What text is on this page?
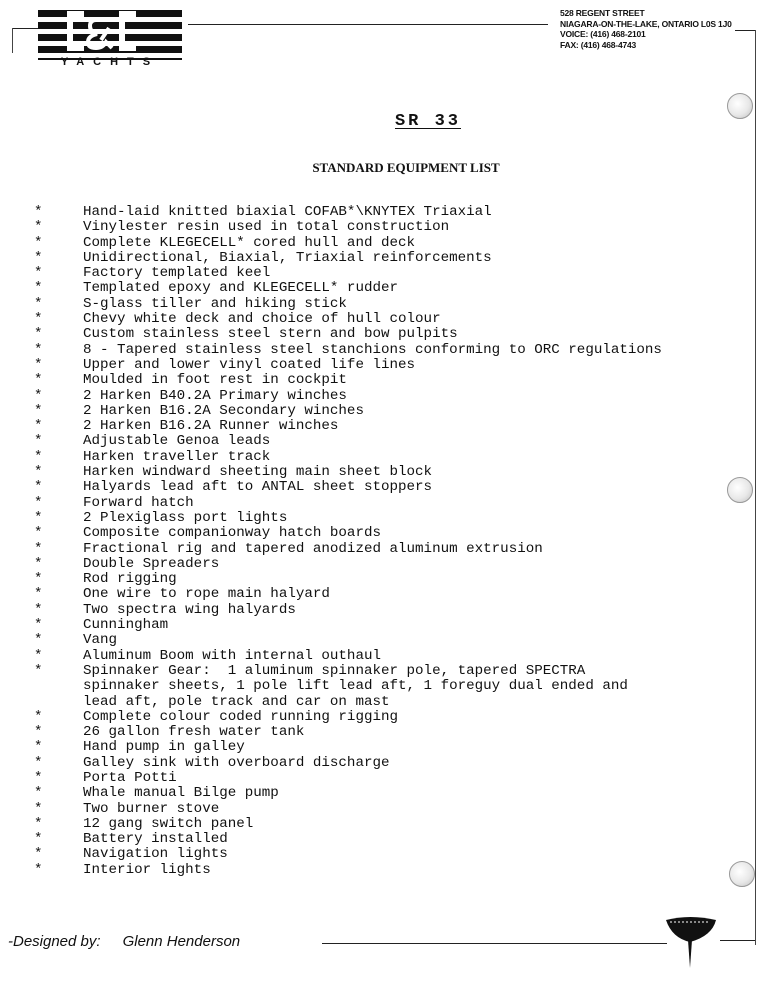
YACHTS
528 REGENT STREET
NIAGARA-ON-THE-LAKE, ONTARIO L0S 1J0
VOICE: (416) 468-2101
FAX: (416) 468-4743
SR 33
STANDARD EQUIPMENT LIST
*	Hand-laid knitted biaxial COFAB*\KNYTEX Triaxial
*	Vinylester resin used in total construction
*	Complete KLEGECELL* cored hull and deck
*	Unidirectional, Biaxial, Triaxial reinforcements
*	Factory templated keel
*	Templated epoxy and KLEGECELL* rudder
*	S-glass tiller and hiking stick
*	Chevy white deck and choice of hull colour
*	Custom stainless steel stern and bow pulpits
*	8 - Tapered stainless steel stanchions conforming to ORC regulations
*	Upper and lower vinyl coated life lines
*	Moulded in foot rest in cockpit
*	2 Harken B40.2A Primary winches
*	2 Harken B16.2A Secondary winches
*	2 Harken B16.2A Runner winches
*	Adjustable Genoa leads
*	Harken traveller track
*	Harken windward sheeting main sheet block
*	Halyards lead aft to ANTAL sheet stoppers
*	Forward hatch
*	2 Plexiglass port lights
*	Composite companionway hatch boards
*	Fractional rig and tapered anodized aluminum extrusion
*	Double Spreaders
*	Rod rigging
*	One wire to rope main halyard
*	Two spectra wing halyards
*	Cunningham
*	Vang
*	Aluminum Boom with internal outhaul
*	Spinnaker Gear:  1 aluminum spinnaker pole, tapered SPECTRA spinnaker sheets, 1 pole lift lead aft, 1 foreguy dual ended and lead aft, pole track and car on mast
*	Complete colour coded running rigging
*	26 gallon fresh water tank
*	Hand pump in galley
*	Galley sink with overboard discharge
*	Porta Potti
*	Whale manual Bilge pump
*	Two burner stove
*	12 gang switch panel
*	Battery installed
*	Navigation lights
*	Interior lights
-Designed by: Glenn Henderson
